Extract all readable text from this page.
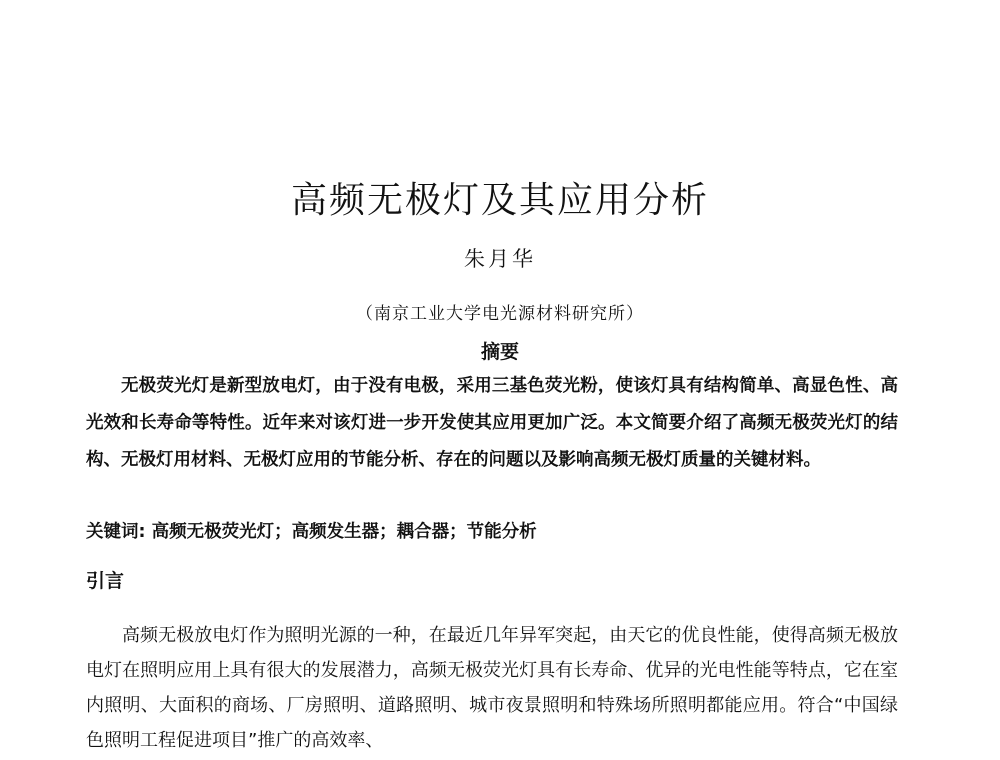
高频无极灯及其应用分析
朱月华
（南京工业大学电光源材料研究所）
摘要
无极荧光灯是新型放电灯，由于没有电极，采用三基色荧光粉，使该灯具有结构简单、高显色性、高光效和长寿命等特性。近年来对该灯进一步开发使其应用更加广泛。本文简要介绍了高频无极荧光灯的结构、无极灯用材料、无极灯应用的节能分析、存在的问题以及影响高频无极灯质量的关键材料。
关键词: 高频无极荧光灯；高频发生器；耦合器；节能分析
引言
高频无极放电灯作为照明光源的一种，在最近几年异军突起，由天它的优良性能，使得高频无极放电灯在照明应用上具有很大的发展潜力，高频无极荧光灯具有长寿命、优异的光电性能等特点，它在室内照明、大面积的商场、厂房照明、道路照明、城市夜景照明和特殊场所照明都能应用。符合“中国绿色照明工程促进项目”推广的高效率、
